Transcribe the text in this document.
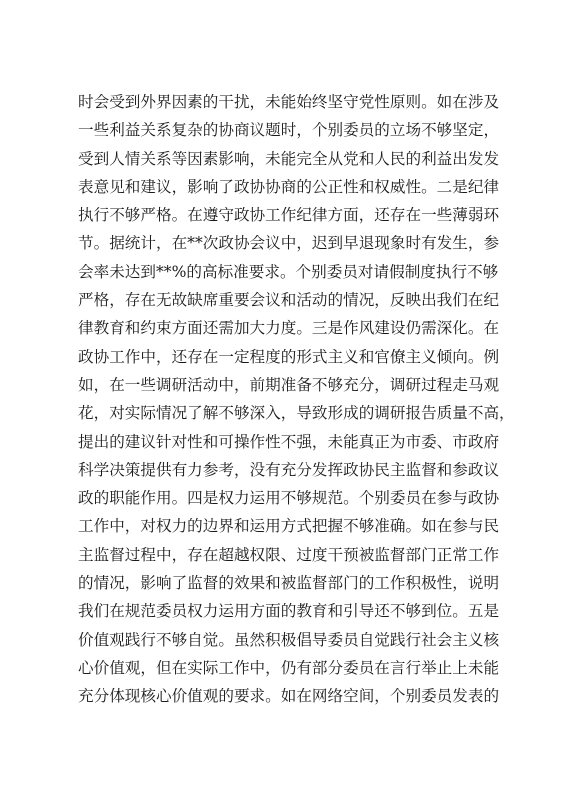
时会受到外界因素的干扰，未能始终坚守党性原则。如在涉及
一些利益关系复杂的协商议题时，个别委员的立场不够坚定，
受到人情关系等因素影响，未能完全从党和人民的利益出发发
表意见和建议，影响了政协协商的公正性和权威性。二是纪律
执行不够严格。在遵守政协工作纪律方面，还存在一些薄弱环
节。据统计，在**次政协会议中，迟到早退现象时有发生，参
会率未达到**%的高标准要求。个别委员对请假制度执行不够
严格，存在无故缺席重要会议和活动的情况，反映出我们在纪
律教育和约束方面还需加大力度。三是作风建设仍需深化。在
政协工作中，还存在一定程度的形式主义和官僚主义倾向。例
如，在一些调研活动中，前期准备不够充分，调研过程走马观
花，对实际情况了解不够深入，导致形成的调研报告质量不高，
提出的建议针对性和可操作性不强，未能真正为市委、市政府
科学决策提供有力参考，没有充分发挥政协民主监督和参政议
政的职能作用。四是权力运用不够规范。个别委员在参与政协
工作中，对权力的边界和运用方式把握不够准确。如在参与民
主监督过程中，存在超越权限、过度干预被监督部门正常工作
的情况，影响了监督的效果和被监督部门的工作积极性，说明
我们在规范委员权力运用方面的教育和引导还不够到位。五是
价值观践行不够自觉。虽然积极倡导委员自觉践行社会主义核
心价值观，但在实际工作中，仍有部分委员在言行举止上未能
充分体现核心价值观的要求。如在网络空间，个别委员发表的
